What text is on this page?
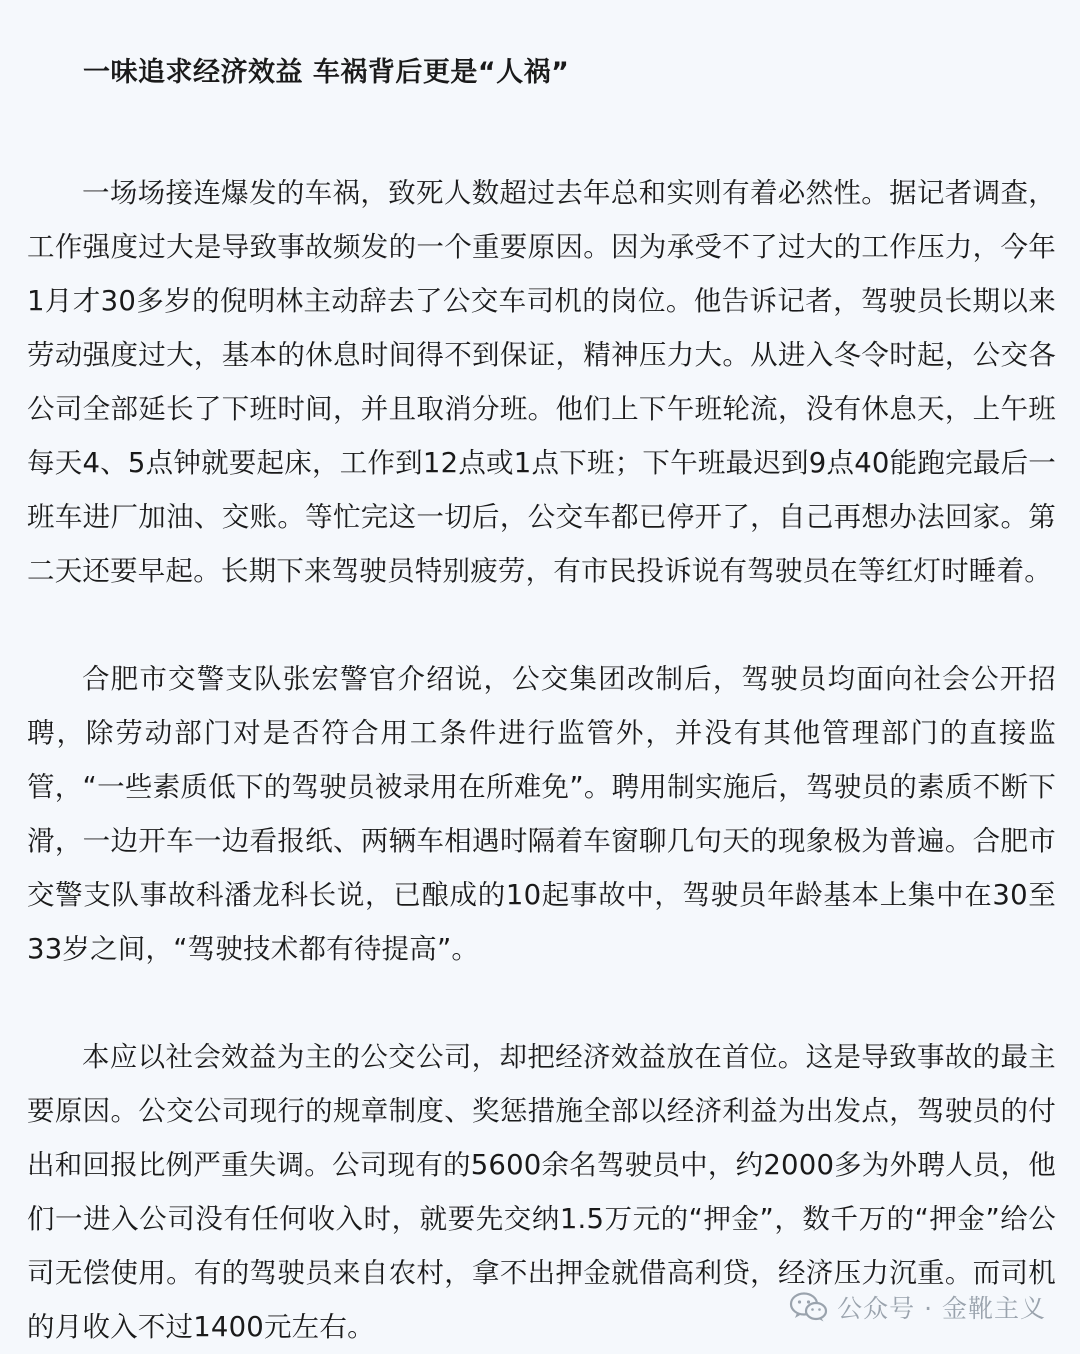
一味追求经济效益 车祸背后更是“人祸”

一场场接连爆发的车祸，致死人数超过去年总和实则有着必然性。据记者调查，工作强度过大是导致事故频发的一个重要原因。因为承受不了过大的工作压力，今年1月才30多岁的倪明林主动辞去了公交车司机的岗位。他告诉记者，驾驶员长期以来劳动强度过大，基本的休息时间得不到保证，精神压力大。从进入冬令时起，公交各公司全部延长了下班时间，并且取消分班。他们上下午班轮流，没有休息天，上午班每天4、5点钟就要起床，工作到12点或1点下班；下午班最迟到9点40能跑完最后一班车进厂加油、交账。等忙完这一切后，公交车都已停开了，自己再想办法回家。第二天还要早起。长期下来驾驶员特别疲劳，有市民投诉说有驾驶员在等红灯时睡着。

合肥市交警支队张宏警官介绍说，公交集团改制后，驾驶员均面向社会公开招聘，除劳动部门对是否符合用工条件进行监管外，并没有其他管理部门的直接监管，“一些素质低下的驾驶员被录用在所难免”。聘用制实施后，驾驶员的素质不断下滑，一边开车一边看报纸、两辆车相遇时隔着车窗聊几句天的现象极为普遍。合肥市交警支队事故科潘龙科长说，已酿成的10起事故中，驾驶员年龄基本上集中在30至33岁之间，“驾驶技术都有待提高”。

本应以社会效益为主的公交公司，却把经济效益放在首位。这是导致事故的最主要原因。公交公司现行的规章制度、奖惩措施全部以经济利益为出发点，驾驶员的付出和回报比例严重失调。公司现有的5600余名驾驶员中，约2000多为外聘人员，他们一进入公司没有任何收入时，就要先交纳1.5万元的“押金”，数千万的“押金”给公司无偿使用。有的驾驶员来自农村，拿不出押金就借高利贷，经济压力沉重。而司机的月收入不过1400元左右。

公众号 · 金靴主义
